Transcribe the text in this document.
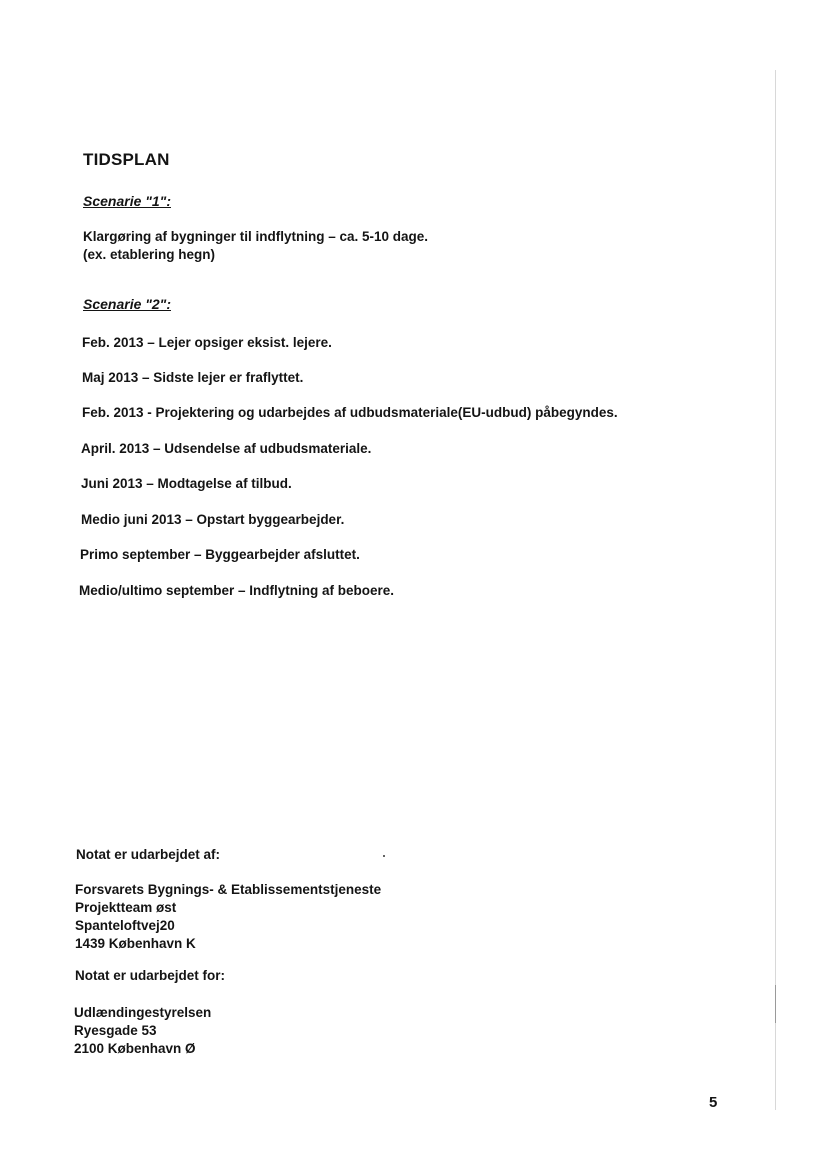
TIDSPLAN
Scenarie "1":
Klargøring af bygninger til indflytning – ca. 5-10 dage.
(ex. etablering hegn)
Scenarie "2":
Feb. 2013 – Lejer opsiger eksist. lejere.
Maj 2013 – Sidste lejer er fraflyttet.
Feb. 2013 - Projektering og udarbejdes af udbudsmateriale(EU-udbud) påbegyndes.
April. 2013 – Udsendelse af udbudsmateriale.
Juni 2013 – Modtagelse af tilbud.
Medio juni 2013 – Opstart byggearbejder.
Primo september – Byggearbejder afsluttet.
Medio/ultimo september – Indflytning af beboere.
Notat er udarbejdet af:
Forsvarets Bygnings- & Etablissementstjeneste
Projektteam øst
Spanteloftvej20
1439 København K
Notat er udarbejdet for:
Udlændingestyrelsen
Ryesgade 53
2100 København Ø
5
